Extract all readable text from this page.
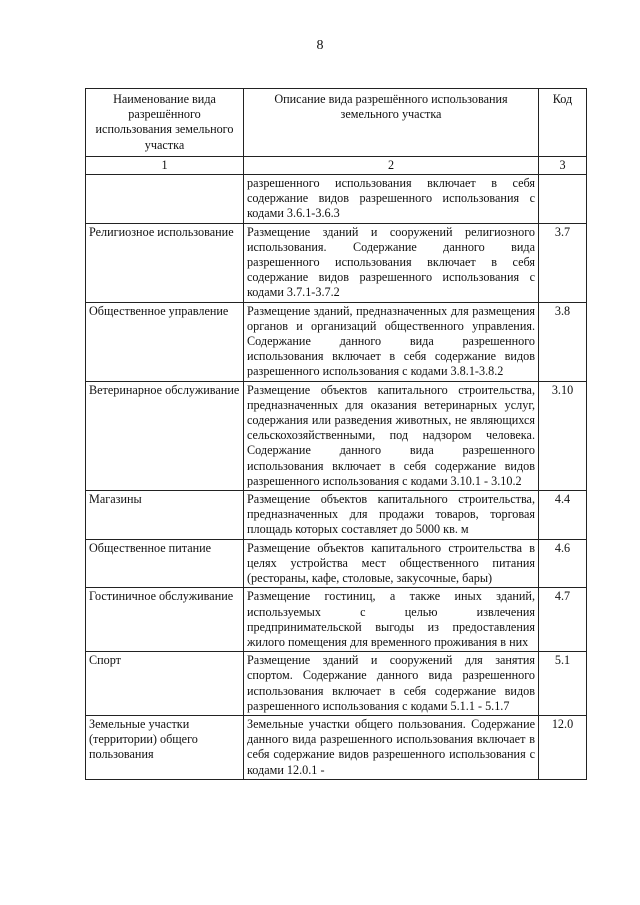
8
Наименование вида разрешённого использования земельного участка	Описание вида разрешённого использования земельного участка	Код
1	2	3
	разрешенного использования включает в себя содержание видов разрешенного использования с кодами 3.6.1-3.6.3	
Религиозное использование	Размещение зданий и сооружений религиозного использования. Содержание данного вида разрешенного использования включает в себя содержание видов разрешенного использования с кодами 3.7.1-3.7.2	3.7
Общественное управление	Размещение зданий, предназначенных для размещения органов и организаций общественного управления. Содержание данного вида разрешенного использования включает в себя содержание видов разрешенного использования с кодами 3.8.1-3.8.2	3.8
Ветеринарное обслуживание	Размещение объектов капитального строительства, предназначенных для оказания ветеринарных услуг, содержания или разведения животных, не являющихся сельскохозяйственными, под надзором человека. Содержание данного вида разрешенного использования включает в себя содержание видов разрешенного использования с кодами 3.10.1 - 3.10.2	3.10
Магазины	Размещение объектов капитального строительства, предназначенных для продажи товаров, торговая площадь которых составляет до 5000 кв. м	4.4
Общественное питание	Размещение объектов капитального строительства в целях устройства мест общественного питания (рестораны, кафе, столовые, закусочные, бары)	4.6
Гостиничное обслуживание	Размещение гостиниц, а также иных зданий, используемых с целью извлечения предпринимательской выгоды из предоставления жилого помещения для временного проживания в них	4.7
Спорт	Размещение зданий и сооружений для занятия спортом. Содержание данного вида разрешенного использования включает в себя содержание видов разрешенного использования с кодами 5.1.1 - 5.1.7	5.1
Земельные участки (территории) общего пользования	Земельные участки общего пользования. Содержание данного вида разрешенного использования включает в себя содержание видов разрешенного использования с кодами 12.0.1 -	12.0
